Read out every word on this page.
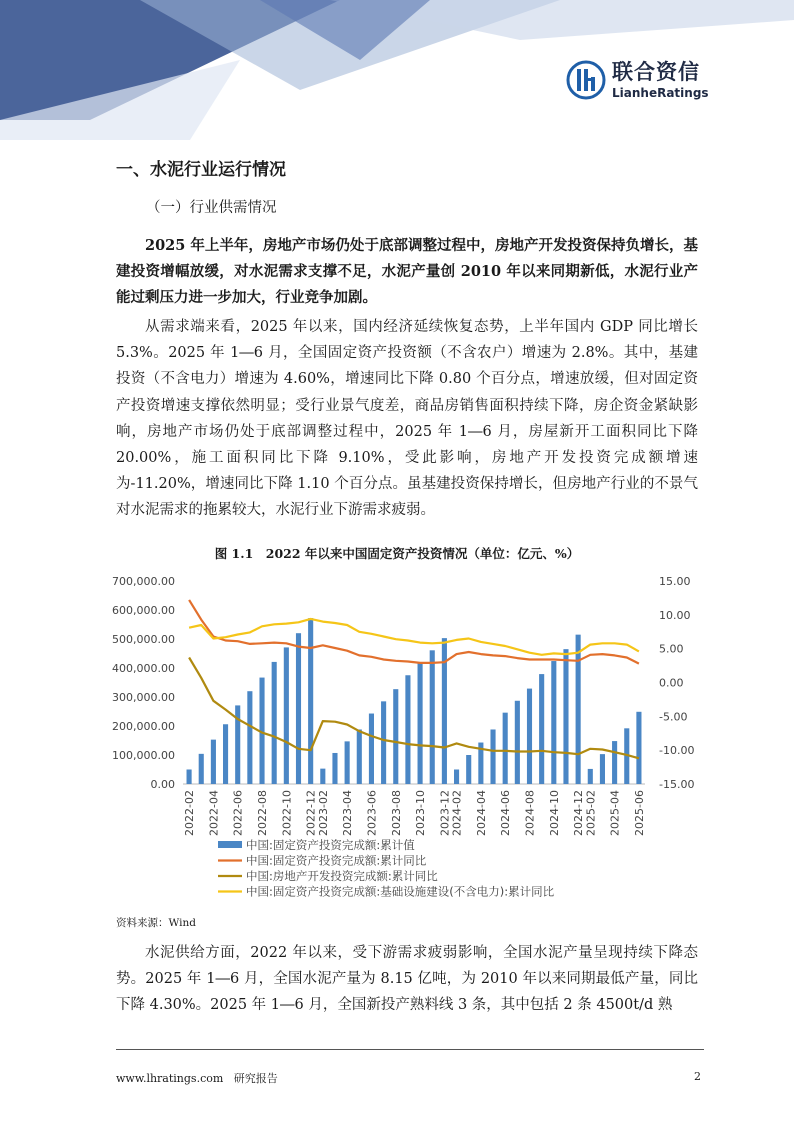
联合资信
LianheRatings
一、水泥行业运行情况
（一）行业供需情况
2025 年上半年，房地产市场仍处于底部调整过程中，房地产开发投资保持负增长，基建投资增幅放缓，对水泥需求支撑不足，水泥产量创 2010 年以来同期新低，水泥行业产能过剩压力进一步加大，行业竞争加剧。
从需求端来看，2025 年以来，国内经济延续恢复态势，上半年国内 GDP 同比增长 5.3%。2025 年 1―6 月，全国固定资产投资额（不含农户）增速为 2.8%。其中，基建投资（不含电力）增速为 4.60%，增速同比下降 0.80 个百分点，增速放缓，但对固定资产投资增速支撑依然明显；受行业景气度差，商品房销售面积持续下降，房企资金紧缺影响，房地产市场仍处于底部调整过程中，2025 年 1―6 月，房屋新开工面积同比下降 20.00%，施工面积同比下降 9.10%，受此影响，房地产开发投资完成额增速为-11.20%，增速同比下降 1.10 个百分点。虽基建投资保持增长，但房地产行业的不景气对水泥需求的拖累较大，水泥行业下游需求疲弱。
图 1.1　2022 年以来中国固定资产投资情况（单位：亿元、%）
700,000.00
600,000.00
500,000.00
400,000.00
300,000.00
200,000.00
100,000.00
0.00
15.00
10.00
5.00
0.00
-5.00
-10.00
-15.00
2022-02 2022-04 2022-06 2022-08 2022-10 2022-12 2023-02 2023-04 2023-06 2023-08 2023-10 2023-12 2024-02 2024-04 2024-06 2024-08 2024-10 2024-12 2025-02 2025-04 2025-06
中国:固定资产投资完成额:累计值
中国:固定资产投资完成额:累计同比
中国:房地产开发投资完成额:累计同比
中国:固定资产投资完成额:基础设施建设(不含电力):累计同比
资料来源：Wind
水泥供给方面，2022 年以来，受下游需求疲弱影响，全国水泥产量呈现持续下降态势。2025 年 1―6 月，全国水泥产量为 8.15 亿吨，为 2010 年以来同期最低产量，同比下降 4.30%。2025 年 1―6 月，全国新投产熟料线 3 条，其中包括 2 条 4500t/d 熟
www.lhratings.com 研究报告	2
